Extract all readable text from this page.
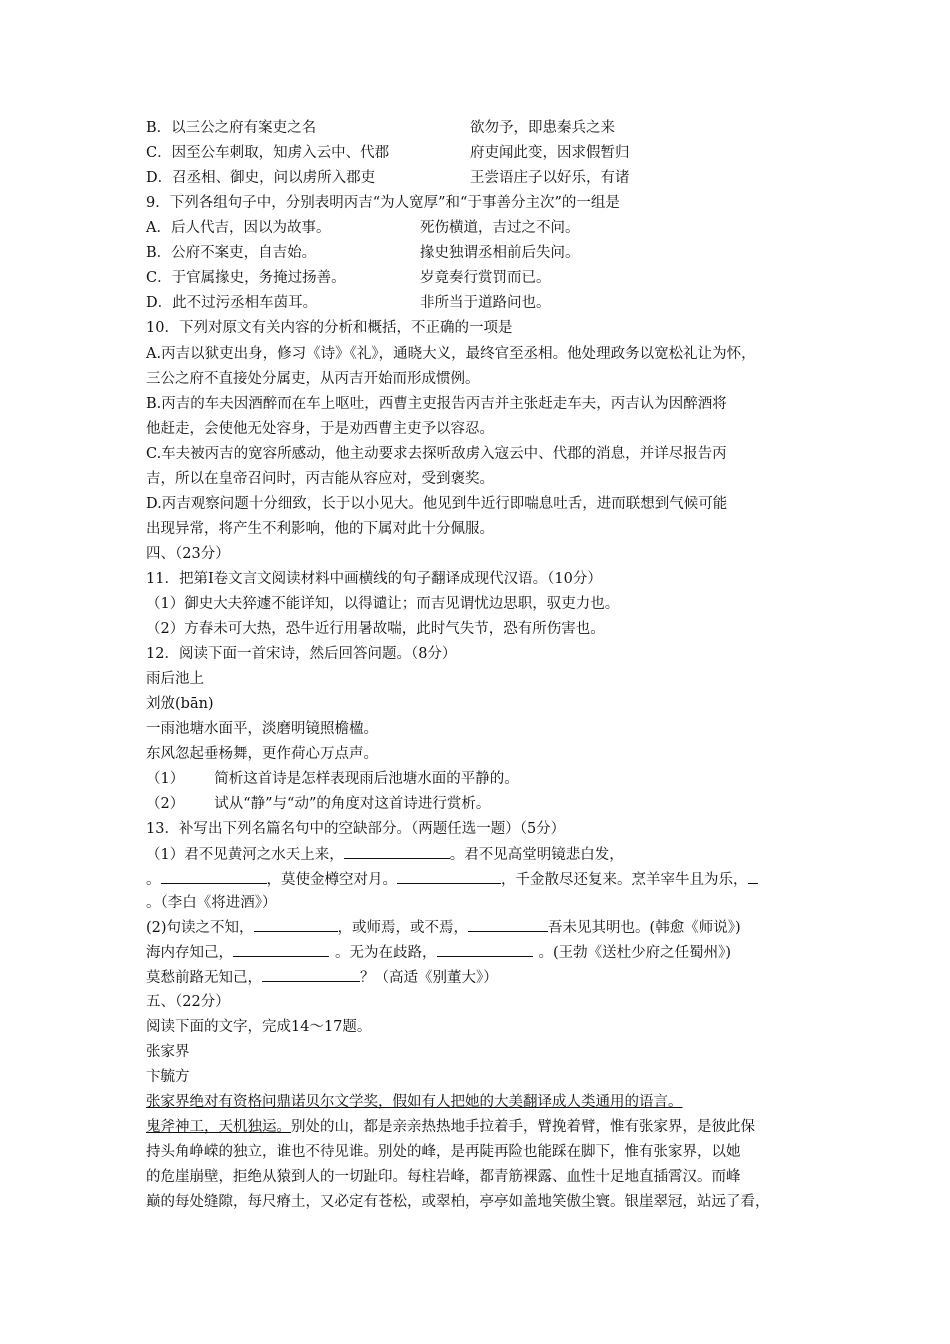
B．以三公之府有案吏之名	欲勿予，即患秦兵之来
C．因至公车刺取，知虏入云中、代郡	府吏闻此变，因求假暂归
D．召丞相、御史，问以虏所入郡吏	王尝语庄子以好乐，有诸
9．下列各组句子中，分别表明丙吉“为人宽厚”和“于事善分主次”的一组是
A．后人代吉，因以为故事。	死伤横道，吉过之不问。
B．公府不案吏，自吉始。	掾史独谓丞相前后失问。
C．于官属掾史，务掩过扬善。	岁竟奏行赏罚而已。
D．此不过污丞相车茵耳。	非所当于道路问也。
10．下列对原文有关内容的分析和概括，不正确的一项是
A.丙吉以狱吏出身，修习《诗》《礼》，通晓大义，最终官至丞相。他处理政务以宽松礼让为怀，
三公之府不直接处分属吏，从丙吉开始而形成惯例。
B.丙吉的车夫因酒醉而在车上呕吐，西曹主吏报告丙吉并主张赶走车夫，丙吉认为因醉酒将
他赶走，会使他无处容身，于是劝西曹主吏予以容忍。
C.车夫被丙吉的宽容所感动，他主动要求去探听敌虏入寇云中、代郡的消息，并详尽报告丙
吉，所以在皇帝召问时，丙吉能从容应对，受到褒奖。
D.丙吉观察问题十分细致，长于以小见大。他见到牛近行即喘息吐舌，进而联想到气候可能
出现异常，将产生不利影响，他的下属对此十分佩服。
四、（23分）
11．把第Ⅰ卷文言文阅读材料中画横线的句子翻译成现代汉语。（10分）
（1）御史大夫猝遽不能详知，以得谴让；而吉见谓忧边思职，驭吏力也。
（2）方春未可大热，恐牛近行用暑故喘，此时气失节，恐有所伤害也。
12．阅读下面一首宋诗，然后回答问题。（8分）
雨后池上
刘攽(bān)
一雨池塘水面平，淡磨明镜照檐楹。
东风忽起垂杨舞，更作荷心万点声。
（1） 简析这首诗是怎样表现雨后池塘水面的平静的。
（2） 试从“静”与“动”的角度对这首诗进行赏析。
13．补写出下列名篇名句中的空缺部分。（两题任选一题）（5分）
（1）君不见黄河之水天上来，	。君不见高堂明镜悲白发，
。	，莫使金樽空对月。	，千金散尽还复来。烹羊宰牛且为乐，
。（李白《将进酒》）
(2)句读之不知，	，或师焉，或不焉，	吾未见其明也。(韩愈《师说》)
海内存知己，	。无为在歧路，	。(王勃《送杜少府之任蜀州》)
莫愁前路无知己，	？（高适《别董大》）
五、（22分）
阅读下面的文字，完成14～17题。
张家界
卞毓方
张家界绝对有资格问鼎诺贝尔文学奖，假如有人把她的大美翻译成人类通用的语言。
鬼斧神工，天机独运。别处的山，都是亲亲热热地手拉着手，臂挽着臂，惟有张家界，是彼此保
持头角峥嵘的独立，谁也不待见谁。别处的峰，是再陡再险也能踩在脚下，惟有张家界，以她
的危崖崩壁，拒绝从猿到人的一切趾印。每柱岩峰，都青筋裸露、血性十足地直插霄汉。而峰
巅的每处缝隙，每尺瘠土，又必定有苍松，或翠柏，亭亭如盖地笑傲尘寰。银崖翠冠，站远了看，
